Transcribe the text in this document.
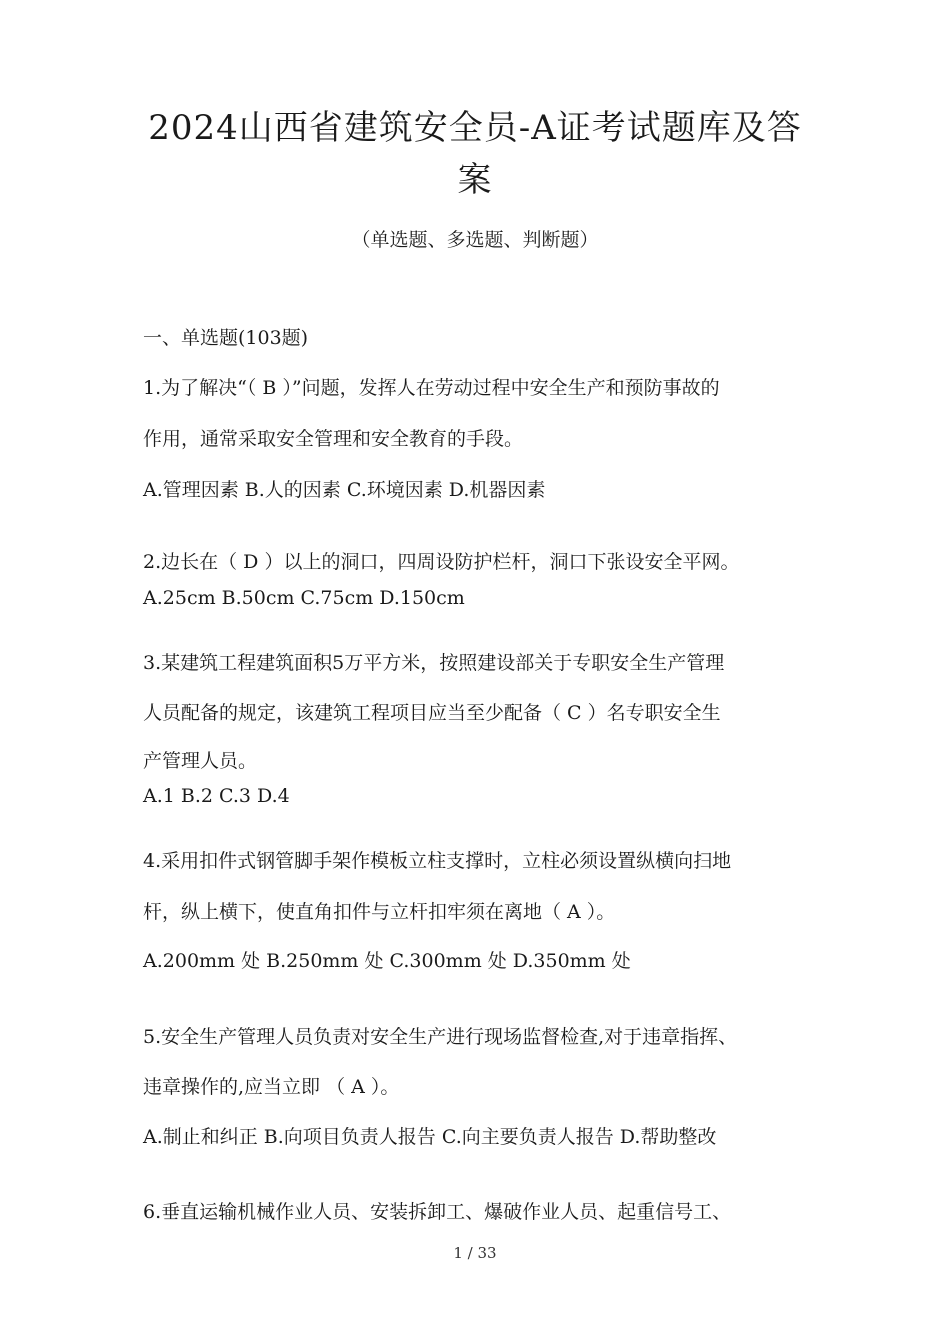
2024山西省建筑安全员-A证考试题库及答
案
（单选题、多选题、判断题）
一、单选题(103题)
1.为了解决“（ B ）”问题，发挥人在劳动过程中安全生产和预防事故的
作用，通常采取安全管理和安全教育的手段。
A.管理因素 B.人的因素 C.环境因素 D.机器因素
2.边长在（ D ）以上的洞口，四周设防护栏杆，洞口下张设安全平网。
A.25cm B.50cm C.75cm D.150cm
3.某建筑工程建筑面积5万平方米，按照建设部关于专职安全生产管理
人员配备的规定，该建筑工程项目应当至少配备（ C ）名专职安全生
产管理人员。
A.1 B.2 C.3 D.4
4.采用扣件式钢管脚手架作模板立柱支撑时，立柱必须设置纵横向扫地
杆，纵上横下，使直角扣件与立杆扣牢须在离地（ A ）。
A.200mm 处 B.250mm 处 C.300mm 处 D.350mm 处
5.安全生产管理人员负责对安全生产进行现场监督检查,对于违章指挥、
违章操作的,应当立即 （ A ）。
A.制止和纠正 B.向项目负责人报告 C.向主要负责人报告 D.帮助整改
6.垂直运输机械作业人员、安装拆卸工、爆破作业人员、起重信号工、
1 / 33
